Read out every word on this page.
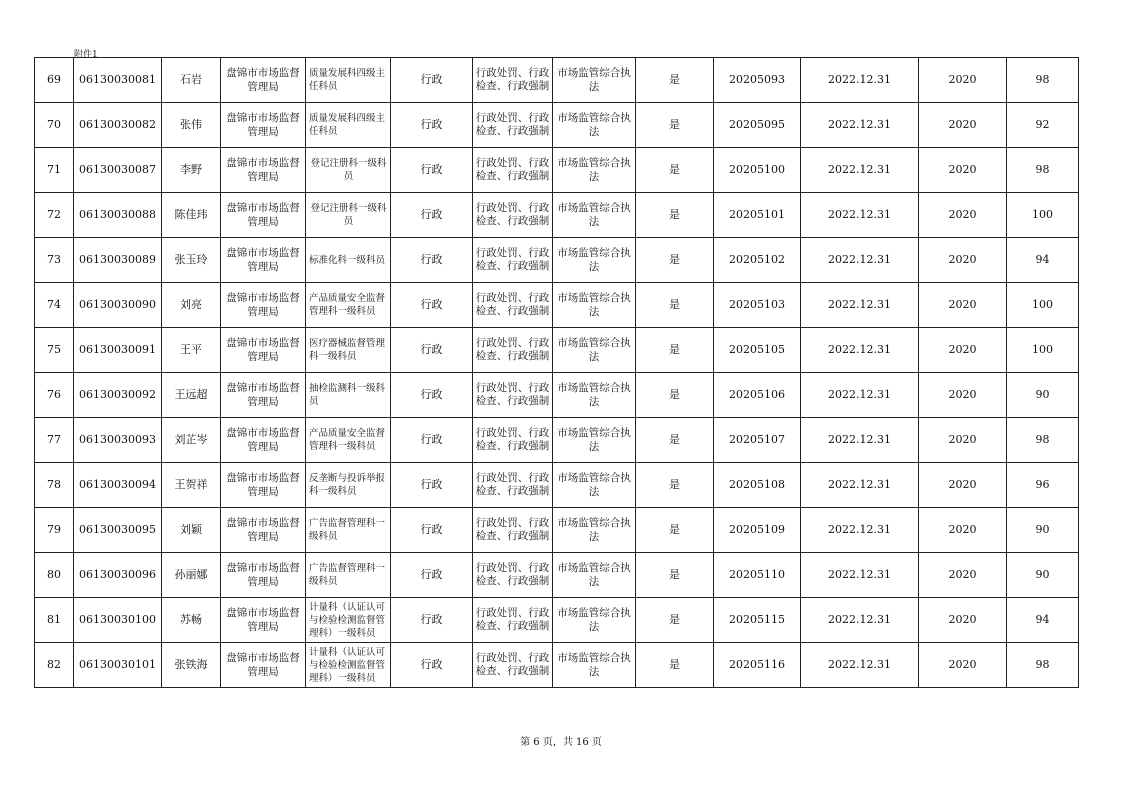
附件1
69	06130030081	石岩	盘锦市市场监督管理局	质量发展科四级主任科员	行政	行政处罚、行政检查、行政强制	市场监管综合执法	是	20205093	2022.12.31	2020	98
70	06130030082	张伟	盘锦市市场监督管理局	质量发展科四级主任科员	行政	行政处罚、行政检查、行政强制	市场监管综合执法	是	20205095	2022.12.31	2020	92
71	06130030087	李野	盘锦市市场监督管理局	登记注册科一级科员	行政	行政处罚、行政检查、行政强制	市场监管综合执法	是	20205100	2022.12.31	2020	98
72	06130030088	陈佳玮	盘锦市市场监督管理局	登记注册科一级科员	行政	行政处罚、行政检查、行政强制	市场监管综合执法	是	20205101	2022.12.31	2020	100
73	06130030089	张玉玲	盘锦市市场监督管理局	标准化科一级科员	行政	行政处罚、行政检查、行政强制	市场监管综合执法	是	20205102	2022.12.31	2020	94
74	06130030090	刘亮	盘锦市市场监督管理局	产品质量安全监督管理科一级科员	行政	行政处罚、行政检查、行政强制	市场监管综合执法	是	20205103	2022.12.31	2020	100
75	06130030091	王平	盘锦市市场监督管理局	医疗器械监督管理科一级科员	行政	行政处罚、行政检查、行政强制	市场监管综合执法	是	20205105	2022.12.31	2020	100
76	06130030092	王远超	盘锦市市场监督管理局	抽检监测科一级科员	行政	行政处罚、行政检查、行政强制	市场监管综合执法	是	20205106	2022.12.31	2020	90
77	06130030093	刘芷岑	盘锦市市场监督管理局	产品质量安全监督管理科一级科员	行政	行政处罚、行政检查、行政强制	市场监管综合执法	是	20205107	2022.12.31	2020	98
78	06130030094	王贺祥	盘锦市市场监督管理局	反垄断与投诉举报科一级科员	行政	行政处罚、行政检查、行政强制	市场监管综合执法	是	20205108	2022.12.31	2020	96
79	06130030095	刘颖	盘锦市市场监督管理局	广告监督管理科一级科员	行政	行政处罚、行政检查、行政强制	市场监管综合执法	是	20205109	2022.12.31	2020	90
80	06130030096	孙丽娜	盘锦市市场监督管理局	广告监督管理科一级科员	行政	行政处罚、行政检查、行政强制	市场监管综合执法	是	20205110	2022.12.31	2020	90
81	06130030100	苏畅	盘锦市市场监督管理局	计量科（认证认可与检验检测监督管理科）一级科员	行政	行政处罚、行政检查、行政强制	市场监管综合执法	是	20205115	2022.12.31	2020	94
82	06130030101	张铁海	盘锦市市场监督管理局	计量科（认证认可与检验检测监督管理科）一级科员	行政	行政处罚、行政检查、行政强制	市场监管综合执法	是	20205116	2022.12.31	2020	98
第 6 页，共 16 页
